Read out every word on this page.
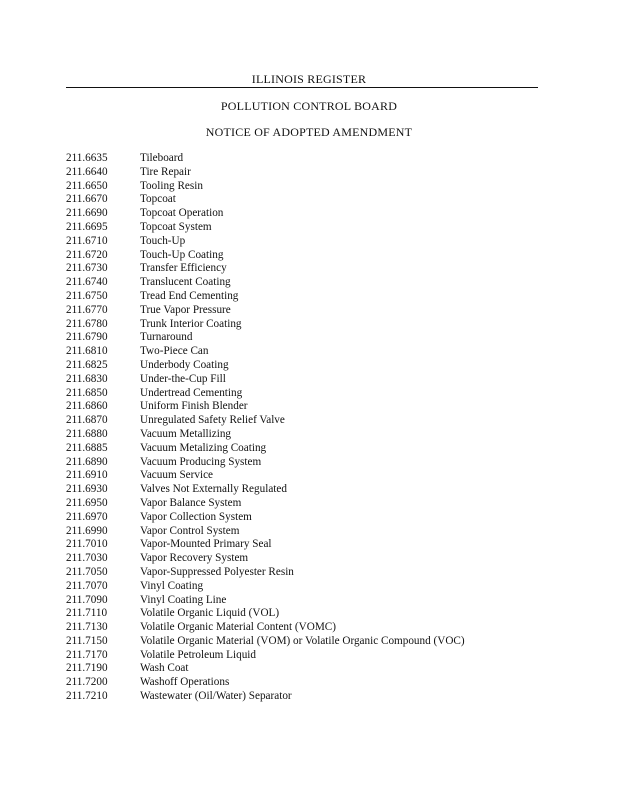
ILLINOIS REGISTER
POLLUTION CONTROL BOARD
NOTICE OF ADOPTED AMENDMENT
211.6635	Tileboard
211.6640	Tire Repair
211.6650	Tooling Resin
211.6670	Topcoat
211.6690	Topcoat Operation
211.6695	Topcoat System
211.6710	Touch-Up
211.6720	Touch-Up Coating
211.6730	Transfer Efficiency
211.6740	Translucent Coating
211.6750	Tread End Cementing
211.6770	True Vapor Pressure
211.6780	Trunk Interior Coating
211.6790	Turnaround
211.6810	Two-Piece Can
211.6825	Underbody Coating
211.6830	Under-the-Cup Fill
211.6850	Undertread Cementing
211.6860	Uniform Finish Blender
211.6870	Unregulated Safety Relief Valve
211.6880	Vacuum Metallizing
211.6885	Vacuum Metalizing Coating
211.6890	Vacuum Producing System
211.6910	Vacuum Service
211.6930	Valves Not Externally Regulated
211.6950	Vapor Balance System
211.6970	Vapor Collection System
211.6990	Vapor Control System
211.7010	Vapor-Mounted Primary Seal
211.7030	Vapor Recovery System
211.7050	Vapor-Suppressed Polyester Resin
211.7070	Vinyl Coating
211.7090	Vinyl Coating Line
211.7110	Volatile Organic Liquid (VOL)
211.7130	Volatile Organic Material Content (VOMC)
211.7150	Volatile Organic Material (VOM) or Volatile Organic Compound (VOC)
211.7170	Volatile Petroleum Liquid
211.7190	Wash Coat
211.7200	Washoff Operations
211.7210	Wastewater (Oil/Water) Separator
